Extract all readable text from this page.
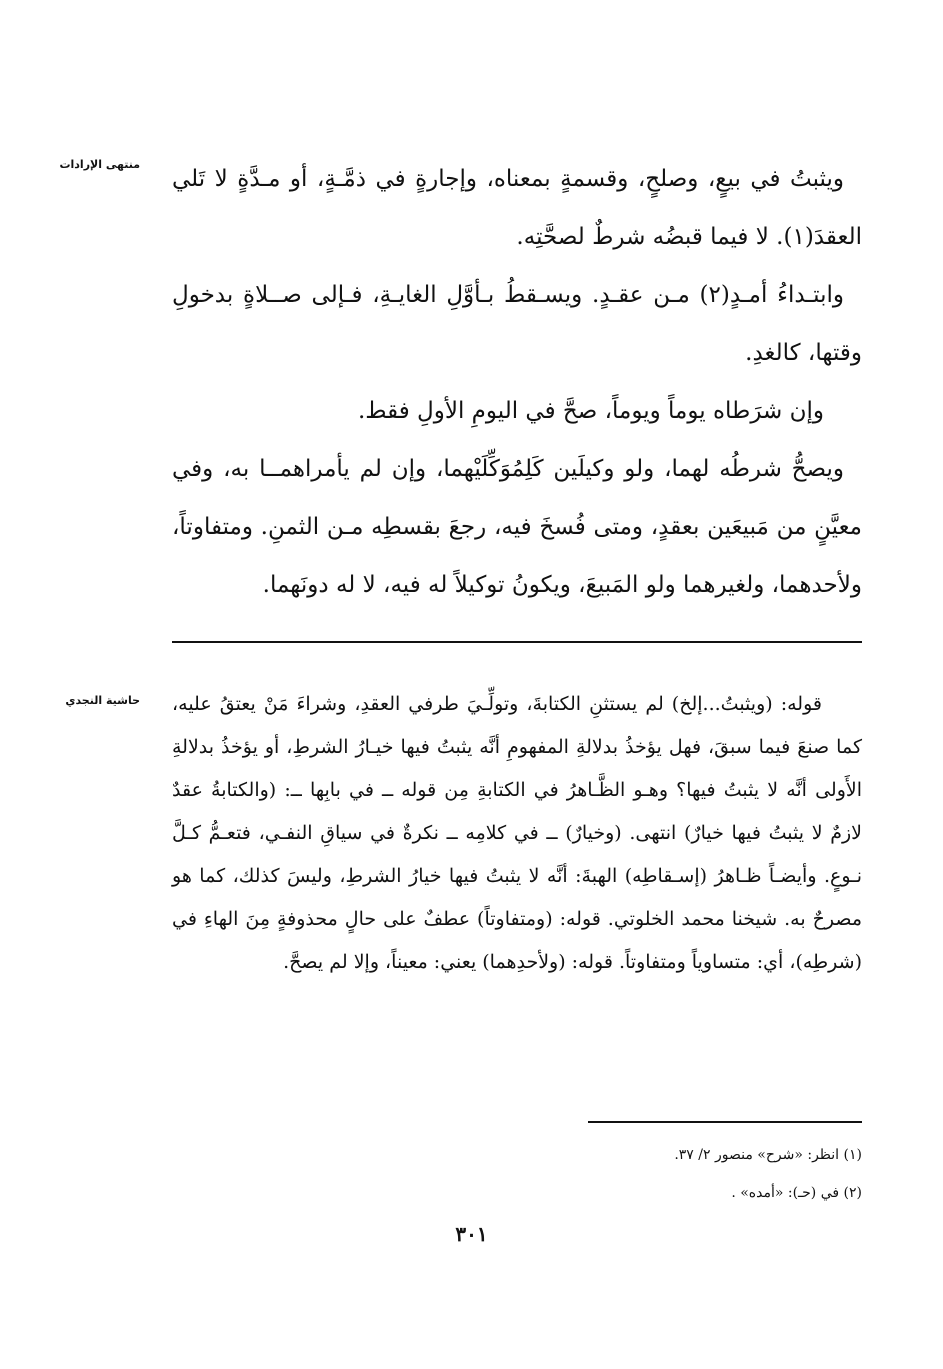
منتهى الإرادات
حاشية النجدي

ويثبتُ في بيعٍ، وصلحٍ، وقسمةٍ بمعناه، وإجارةٍ في ذمَّـةٍ، أو مـدَّةٍ لا تَلي العقدَ(١). لا فيما قبضُه شرطٌ لصحَّتِه.

وابتـداءُ أمـدٍ(٢) مـن عقـدٍ. ويسـقطُ بـأوَّلِ الغايـةِ، فـإلى صــلاةٍ بدخولِ وقتها، كالغدِ.

وإن شرَطاه يوماً ويوماً، صحَّ في اليومِ الأولِ فقط.

ويصحُّ شرطُه لهما، ولو وكيلَين كَلِمُوَكِّلَيْهما، وإن لم يأمراهمــا به، وفي معيَّنٍ من مَبيعَين بعقدٍ، ومتى فُسخَ فيه، رجعَ بقسطِه مـن الثمنِ. ومتفاوتاً، ولأحدهما، ولغيرهما ولو المَبيعَ، ويكونُ توكيلاً له فيه، لا له دونَهما.

قوله: (ويثبتُ...إلخ) لم يستثنِ الكتابةَ، وتولِّـيَ طرفي العقدِ، وشراءَ مَنْ يعتقُ عليه، كما صنعَ فيما سبقَ، فهل يؤخذُ بدلالةِ المفهومِ أنَّه يثبتُ فيها خيـارُ الشرطِ، أو يؤخذُ بدلالةِ الأَولى أنَّه لا يثبتُ فيها؟ وهـو الظَّـاهرُ في الكتابةِ مِن قوله ــ في بابِها ــ: (والكتابةُ عقدٌ لازمٌ لا يثبتُ فيها خيارٌ) انتهى. (وخيارٌ) ــ في كلامِه ــ نكرةٌ في سياقِ النفـي، فتعـمُّ كـلَّ نـوعٍ. وأيضـاً ظـاهرُ (إسـقاطِه) الهبةَ: أنَّه لا يثبتُ فيها خيارُ الشرطِ، وليسَ كذلك، كما هو مصرحٌ به. شيخنا محمد الخلوتي. قوله: (ومتفاوتاً) عطفٌ على حالٍ محذوفةٍ مِنَ الهاءِ في (شرطِه)، أي: متساوياً ومتفاوتاً. قوله: (ولأحدِهما) يعني: معيناً، وإلا لم يصحَّ.

(١) انظر: «شرح» منصور ٢/ ٣٧.

(٢) في (حـ): «أمده» .

٣٠١
